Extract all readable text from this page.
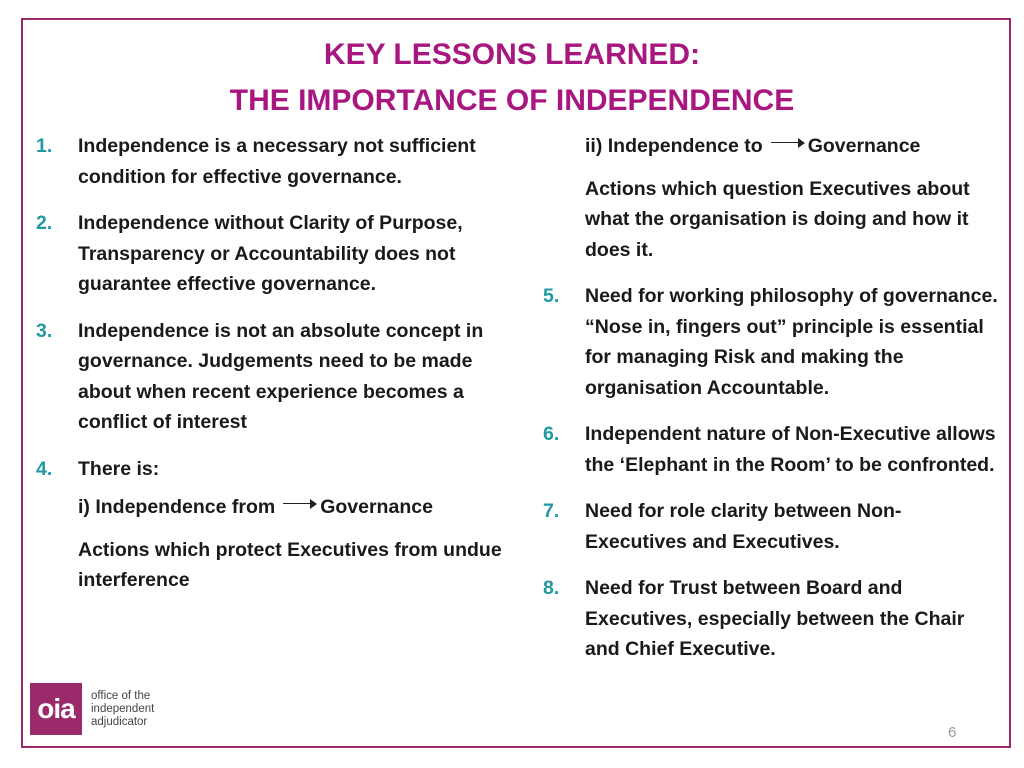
KEY LESSONS LEARNED:
THE IMPORTANCE OF INDEPENDENCE
1.	Independence is a necessary not sufficient condition for effective governance.
2.	Independence without Clarity of Purpose, Transparency or Accountability does not guarantee effective governance.
3.	Independence is not an absolute concept in governance. Judgements need to be made about when recent experience becomes a conflict of interest
4.	There is:
i) Independence from Governance
Actions which protect Executives from undue interference
ii) Independence to Governance
Actions which question Executives about what the organisation is doing and how it does it.
5.	Need for working philosophy of governance. “Nose in, fingers out” principle is essential for managing Risk and making the organisation Accountable.
6.	Independent nature of Non-Executive allows the ‘Elephant in the Room’ to be confronted.
7.	Need for role clarity between Non-Executives and Executives.
8.	Need for Trust between Board and Executives, especially between the Chair and Chief Executive.
oia	office of the
independent
adjudicator
6
